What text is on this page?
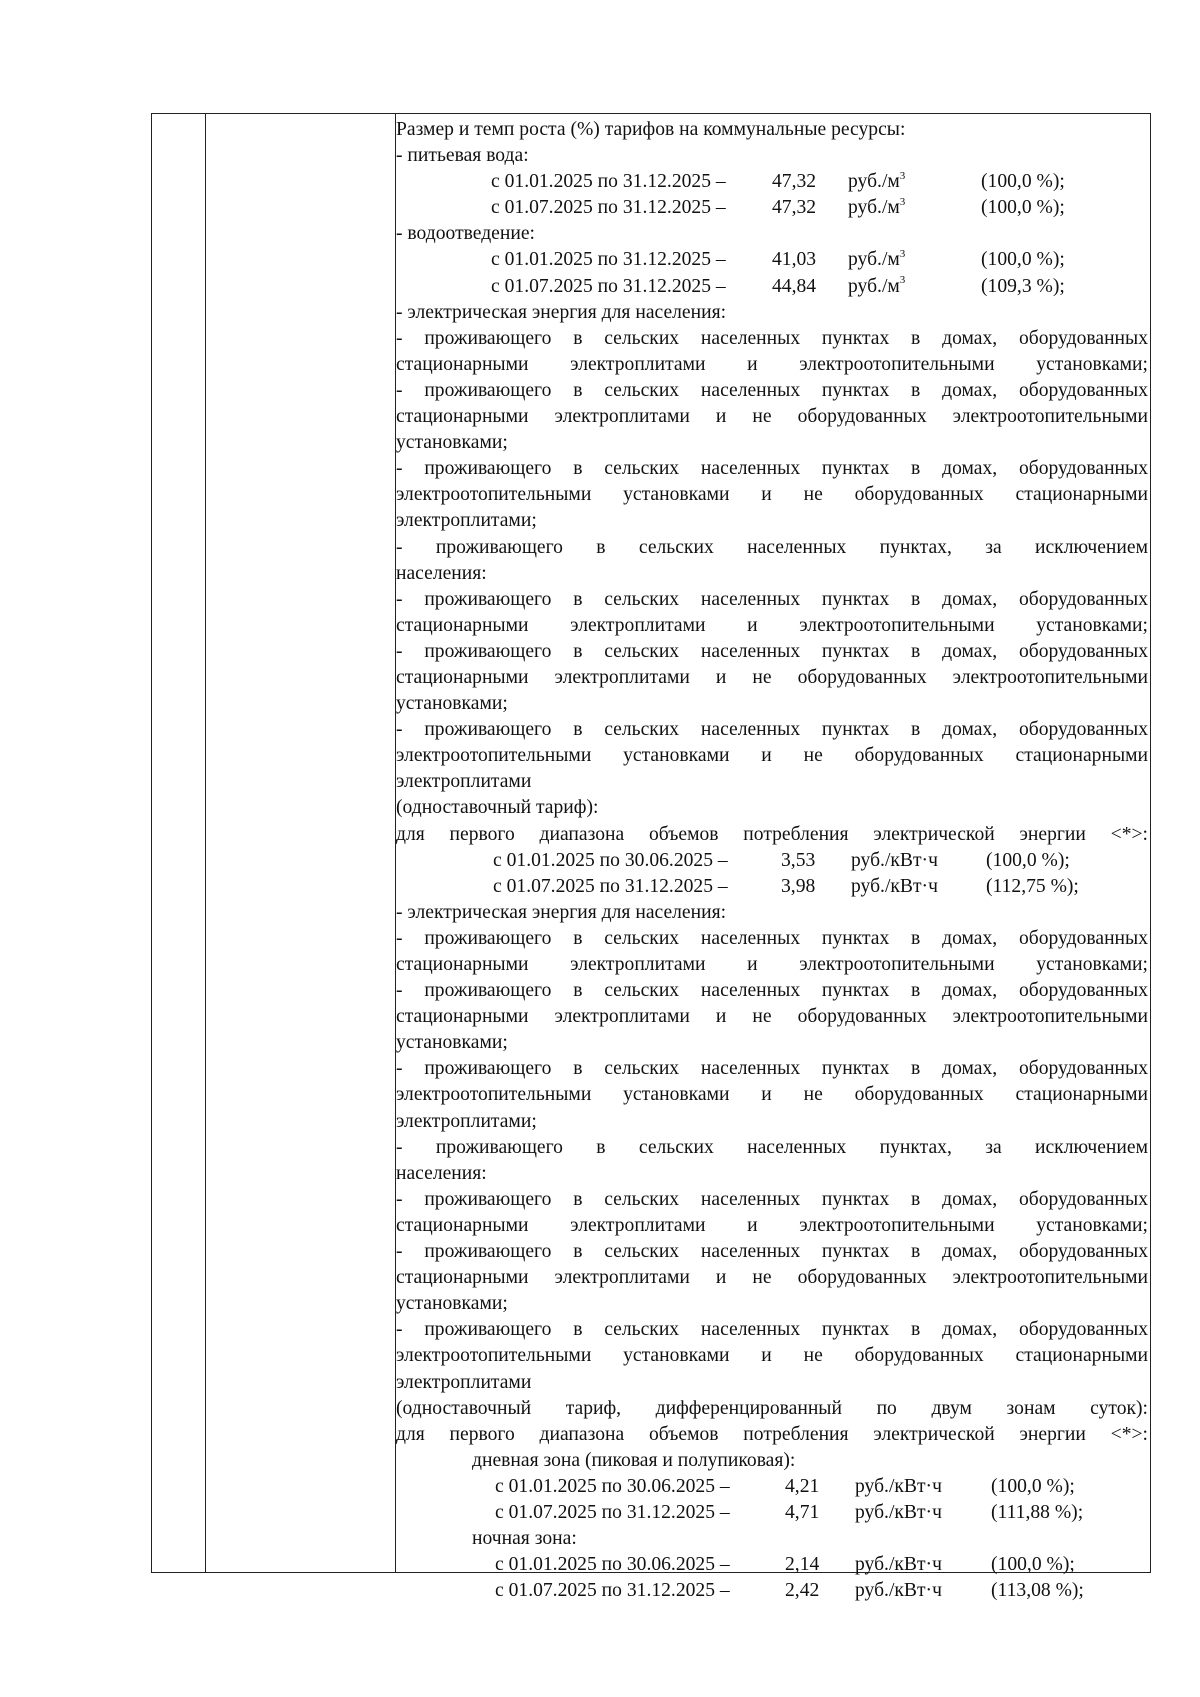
Размер и темп роста (%) тарифов на коммунальные ресурсы:
- питьевая вода:
с 01.01.2025 по 31.12.2025 – 47,32 $руб./м^3$	(100,0 %);
с 01.07.2025 по 31.12.2025 – 47,32 $руб./м^3$	(100,0 %);
- водоотведение:
с 01.01.2025 по 31.12.2025 – 41,03 $руб./м^3$	(100,0 %);
с 01.07.2025 по 31.12.2025 – 44,84 $руб./м^3$	(109,3 %);
- электрическая энергия для населения:
- проживающего в сельских населенных пунктах в домах, оборудованных
стационарными электроплитами и электроотопительными установками;
- проживающего в сельских населенных пунктах в домах, оборудованных
стационарными электроплитами и не оборудованных электроотопительными
установками;
- проживающего в сельских населенных пунктах в домах, оборудованных
электроотопительными установками и не оборудованных стационарными
электроплитами;
- проживающего в сельских населенных пунктах, за исключением
населения:
- проживающего в сельских населенных пунктах в домах, оборудованных
стационарными электроплитами и электроотопительными установками;
- проживающего в сельских населенных пунктах в домах, оборудованных
стационарными электроплитами и не оборудованных электроотопительными
установками;
- проживающего в сельских населенных пунктах в домах, оборудованных
электроотопительными установками и не оборудованных стационарными
электроплитами
(одноставочный тариф):
для первого диапазона объемов потребления электрической энергии <*>:
с 01.01.2025 по 30.06.2025 –	3,53 руб./кВт·ч (100,0 %);
с 01.07.2025 по 31.12.2025 –	3,98 руб./кВт·ч (112,75 %);
- электрическая энергия для населения:
- проживающего в сельских населенных пунктах в домах, оборудованных
стационарными электроплитами и электроотопительными установками;
- проживающего в сельских населенных пунктах в домах, оборудованных
стационарными электроплитами и не оборудованных электроотопительными
установками;
- проживающего в сельских населенных пунктах в домах, оборудованных
электроотопительными установками и не оборудованных стационарными
электроплитами;
- проживающего в сельских населенных пунктах, за исключением
населения:
- проживающего в сельских населенных пунктах в домах, оборудованных
стационарными электроплитами и электроотопительными установками;
- проживающего в сельских населенных пунктах в домах, оборудованных
стационарными электроплитами и не оборудованных электроотопительными
установками;
- проживающего в сельских населенных пунктах в домах, оборудованных
электроотопительными установками и не оборудованных стационарными
электроплитами
(одноставочный тариф, дифференцированный по двум зонам суток):
для первого диапазона объемов потребления электрической энергии <*>:
дневная зона (пиковая и полупиковая):
с 01.01.2025 по 30.06.2025 –	4,21 руб./кВт·ч	(100,0 %);
с 01.07.2025 по 31.12.2025 –	4,71 руб./кВт·ч	(111,88 %);
ночная зона:
с 01.01.2025 по 30.06.2025 –	2,14 руб./кВт·ч	(100,0 %);
с 01.07.2025 по 31.12.2025 –	2,42 руб./кВт·ч	(113,08 %);
